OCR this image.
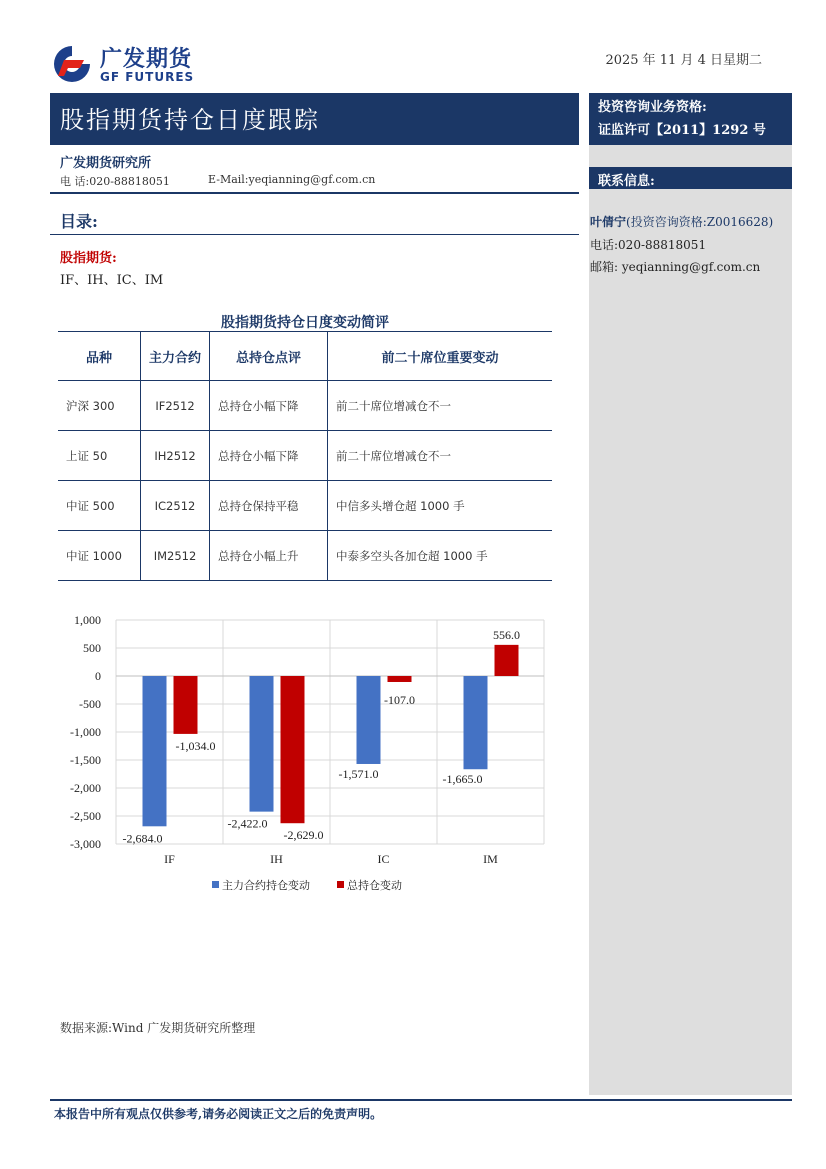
广发期货
GF FUTURES
2025 年 11 月 4 日星期二
股指期货持仓日度跟踪	投资咨询业务资格:
证监许可【2011】1292 号
联系信息:
叶倩宁(投资咨询资格:Z0016628)
电话:020-88818051
邮箱: yeqianning@gf.com.cn
广发期货研究所
电 话:020-88818051	E-Mail:yeqianning@gf.com.cn
目录:
股指期货:
IF、IH、IC、IM
股指期货持仓日度变动简评
品种	主力合约	总持仓点评	前二十席位重要变动
沪深 300	IF2512	总持仓小幅下降	前二十席位增减仓不一
上证 50	IH2512	总持仓小幅下降	前二十席位增减仓不一
中证 500	IC2512	总持仓保持平稳	中信多头增仓超 1000 手
中证 1000	IM2512	总持仓小幅上升	中泰多空头各加仓超 1000 手
1,000
500
0
-500
-1,000
-1,500
-2,000
-2,500
-3,000 -2,684.0
-2,422.0
-1,571.0	-1,665.0
-1,034.0
-2,629.0
-107.0
556.0
IF	IH	IC	IM
主力合约持仓变动	总持仓变动
数据来源:Wind 广发期货研究所整理
本报告中所有观点仅供参考,请务必阅读正文之后的免责声明。
